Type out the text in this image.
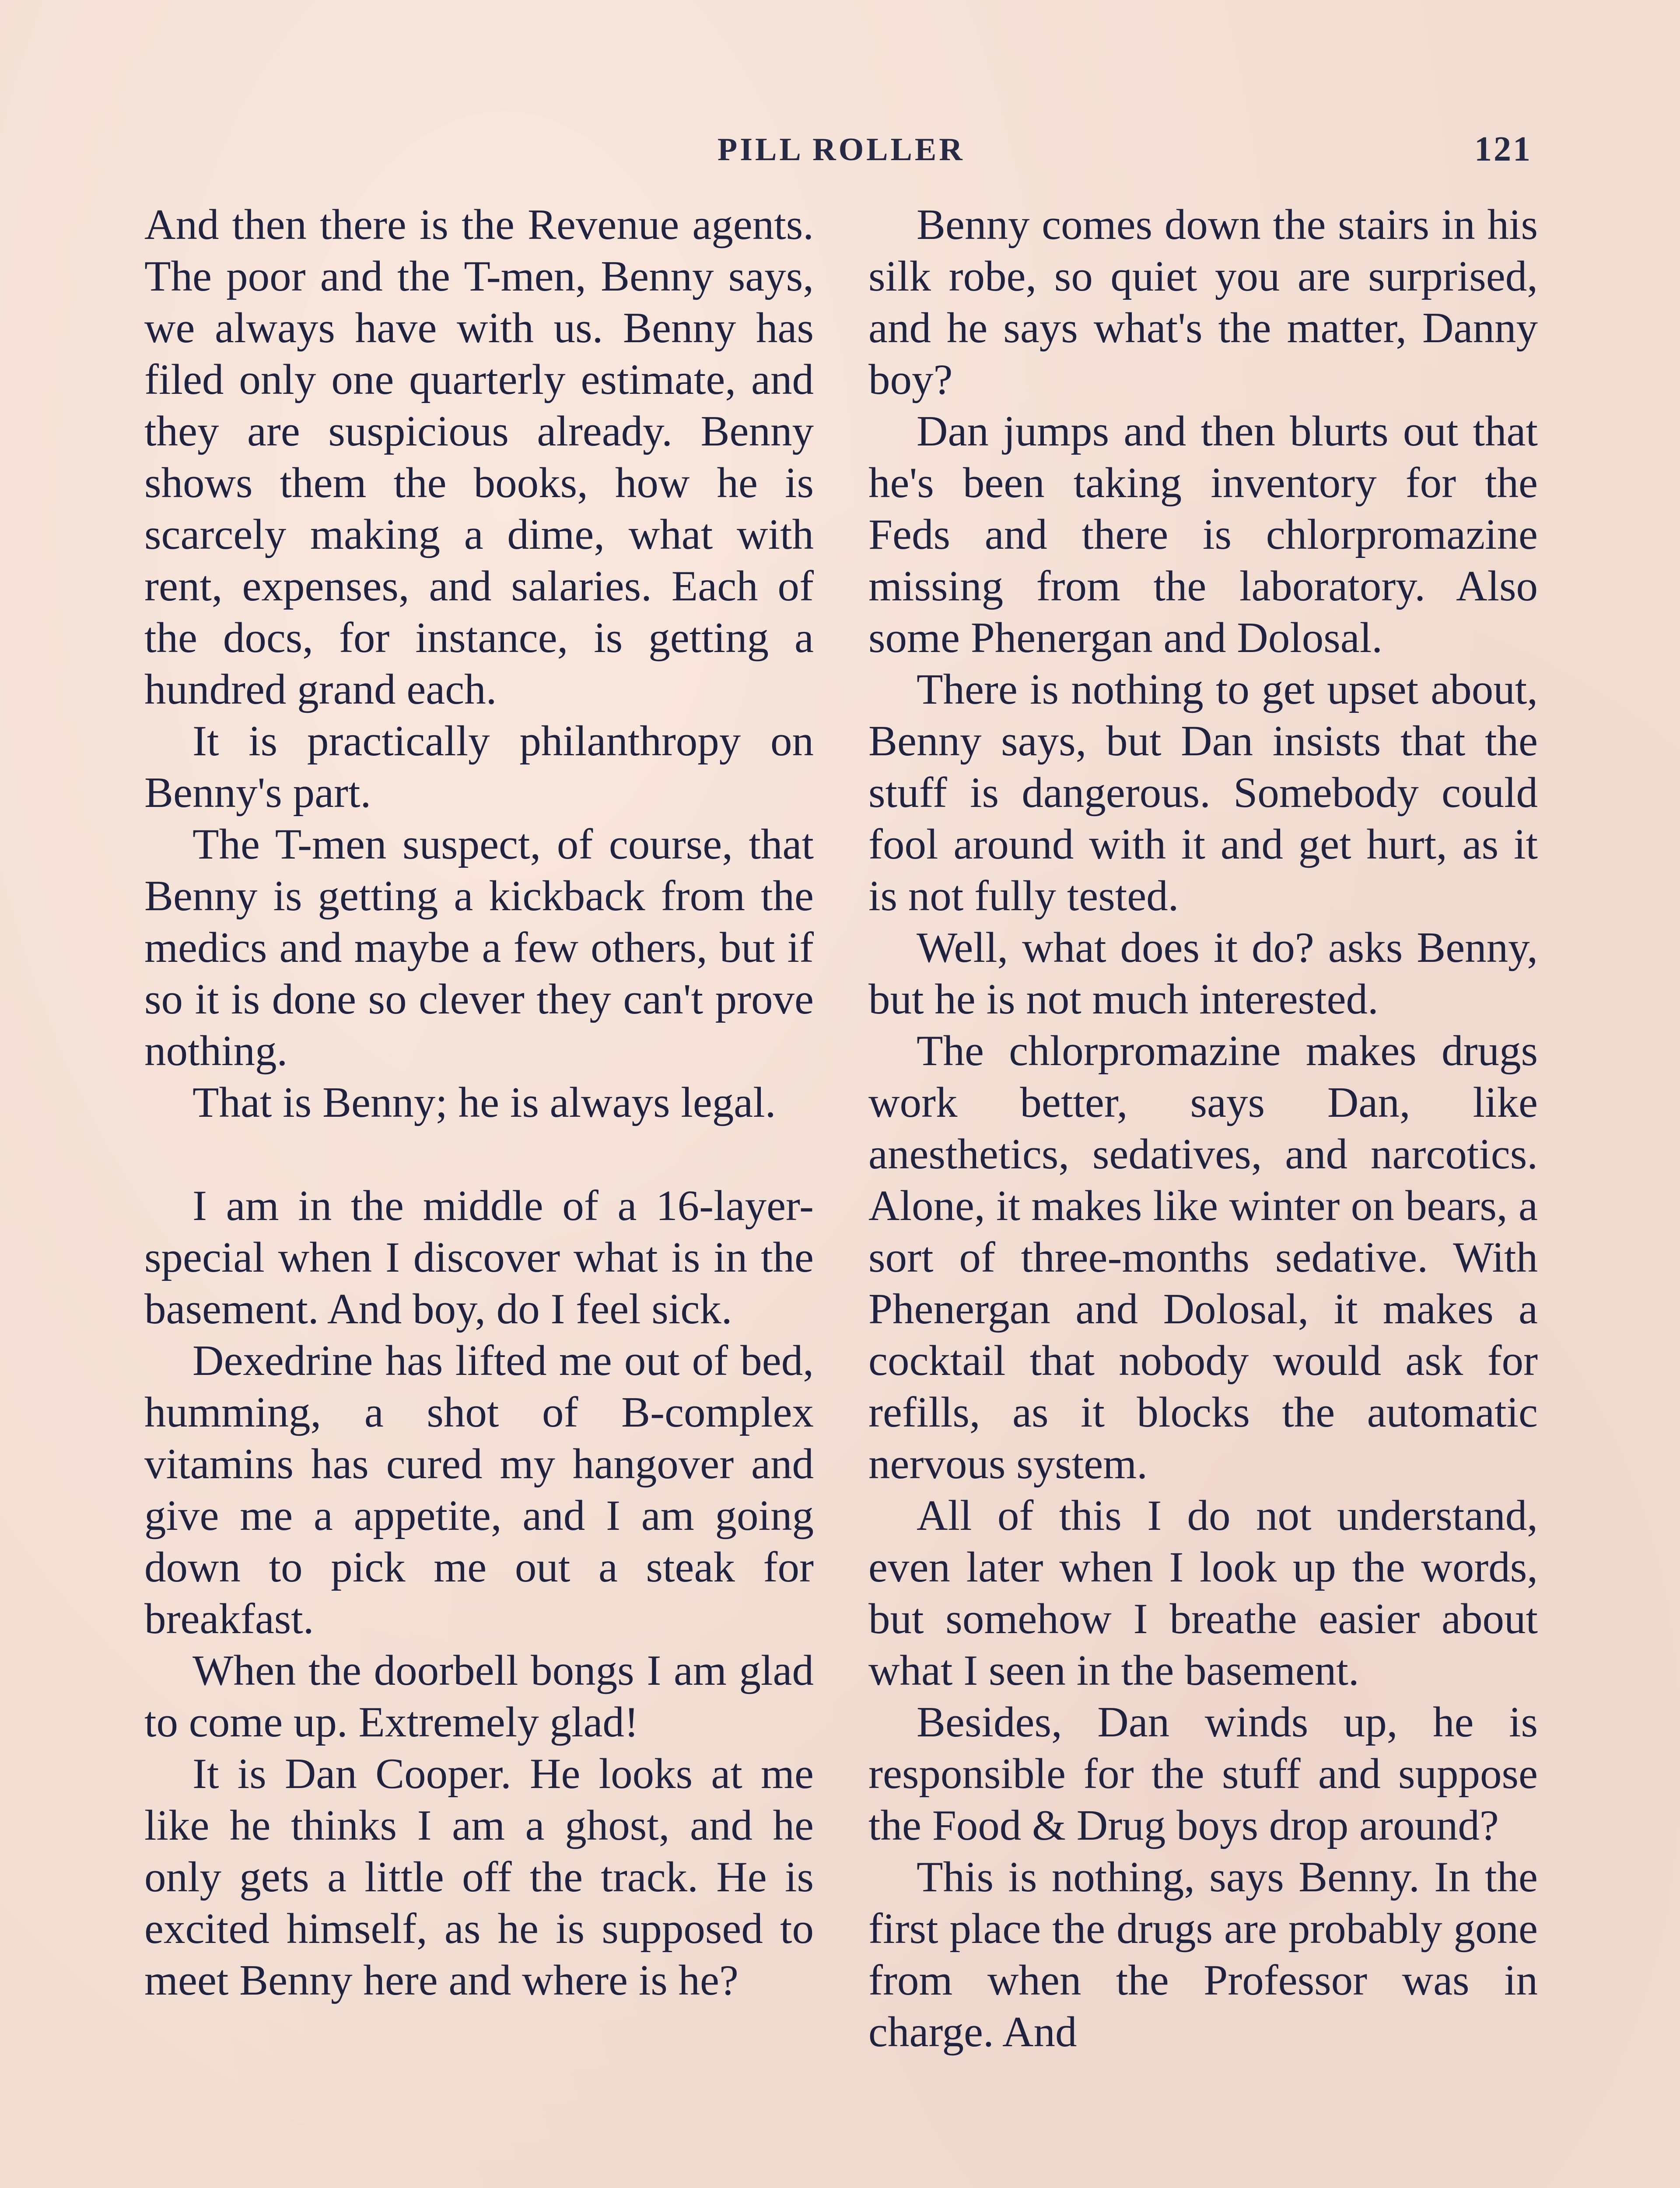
PILL ROLLER	121

And then there is the Revenue agents. The poor and the T-men, Benny says, we always have with us. Benny has filed only one quarterly estimate, and they are suspicious already. Benny shows them the books, how he is scarcely making a dime, what with rent, expenses, and salaries. Each of the docs, for instance, is getting a hundred grand each.

It is practically philanthropy on Benny's part.

The T-men suspect, of course, that Benny is getting a kickback from the medics and maybe a few others, but if so it is done so clever they can't prove nothing.

That is Benny; he is always legal.

I am in the middle of a 16-layer-special when I discover what is in the basement. And boy, do I feel sick.

Dexedrine has lifted me out of bed, humming, a shot of B-complex vitamins has cured my hangover and give me a appetite, and I am going down to pick me out a steak for breakfast.

When the doorbell bongs I am glad to come up. Extremely glad!

It is Dan Cooper. He looks at me like he thinks I am a ghost, and he only gets a little off the track. He is excited himself, as he is supposed to meet Benny here and where is he?

Benny comes down the stairs in his silk robe, so quiet you are surprised, and he says what's the matter, Danny boy?

Dan jumps and then blurts out that he's been taking inventory for the Feds and there is chlorpromazine missing from the laboratory. Also some Phenergan and Dolosal.

There is nothing to get upset about, Benny says, but Dan insists that the stuff is dangerous. Somebody could fool around with it and get hurt, as it is not fully tested.

Well, what does it do? asks Benny, but he is not much interested.

The chlorpromazine makes drugs work better, says Dan, like anesthetics, sedatives, and narcotics. Alone, it makes like winter on bears, a sort of three-months sedative. With Phenergan and Dolosal, it makes a cocktail that nobody would ask for refills, as it blocks the automatic nervous system.

All of this I do not understand, even later when I look up the words, but somehow I breathe easier about what I seen in the basement.

Besides, Dan winds up, he is responsible for the stuff and suppose the Food & Drug boys drop around?

This is nothing, says Benny. In the first place the drugs are probably gone from when the Professor was in charge. And
